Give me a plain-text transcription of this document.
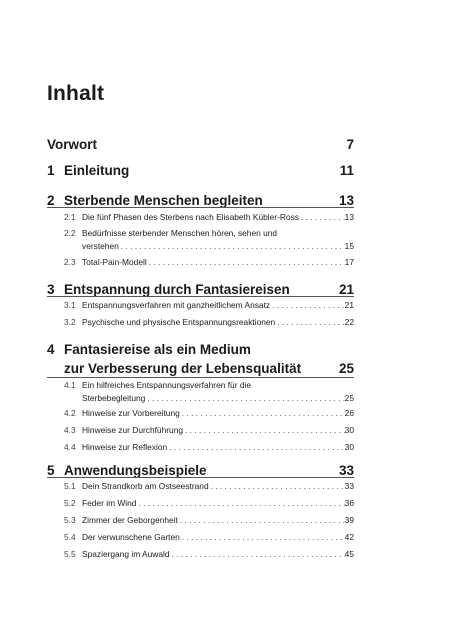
Inhalt
Vorwort	7
1 Einleitung	11
2 Sterbende Menschen begleiten	13
2.1 Die fünf Phasen des Sterbens nach Elisabeth Kübler-Ross . . .	13
2.2 Bedürfnisse sterbender Menschen hören, sehen und
verstehen . . .	15
2.3 Total-Pain-Modell . . .	17
3 Entspannung durch Fantasiereisen	21
3.1 Entspannungsverfahren mit ganzheitlichem Ansatz . . .	21
3.2 Psychische und physische Entspannungsreaktionen . . .	22
4 Fantasiereise als ein Medium
zur Verbesserung der Lebensqualität	25
4.1 Ein hilfreiches Entspannungsverfahren für die
Sterbebegleitung . . .	25
4.2 Hinweise zur Vorbereitung . . .	26
4.3 Hinweise zur Durchführung . . .	30
4.4 Hinweise zur Reflexion . . .	30
5 Anwendungsbeispiele	33
5.1 Dein Strandkorb am Ostseestrand . . .	33
5.2 Feder im Wind . . .	36
5.3 Zimmer der Geborgenheit . . .	39
5.4 Der verwunschene Garten . . .	42
5.5 Spaziergang im Auwald . . .	45
